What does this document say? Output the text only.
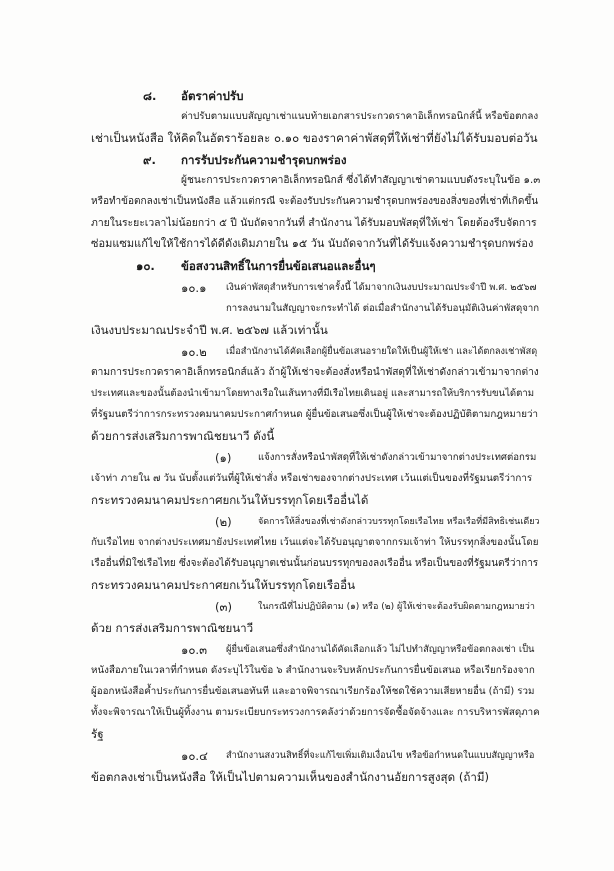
๘. อัตราค่าปรับ
ค่าปรับตามแบบสัญญาเช่าแนบท้ายเอกสารประกวดราคาอิเล็กทรอนิกส์นี้ หรือข้อตกลง
เช่าเป็นหนังสือ ให้คิดในอัตราร้อยละ ๐.๑๐ ของราคาค่าพัสดุที่ให้เช่าที่ยังไม่ได้รับมอบต่อวัน
๙. การรับประกันความชำรุดบกพร่อง
ผู้ชนะการประกวดราคาอิเล็กทรอนิกส์ ซึ่งได้ทำสัญญาเช่าตามแบบดังระบุในข้อ ๑.๓
หรือทำข้อตกลงเช่าเป็นหนังสือ แล้วแต่กรณี จะต้องรับประกันความชำรุดบกพร่องของสิ่งของที่เช่าที่เกิดขึ้น
ภายในระยะเวลาไม่น้อยกว่า ๕ ปี นับถัดจากวันที่ สำนักงาน ได้รับมอบพัสดุที่ให้เช่า โดยต้องรีบจัดการ
ซ่อมแซมแก้ไขให้ใช้การได้ดีดังเดิมภายใน ๑๕ วัน นับถัดจากวันที่ได้รับแจ้งความชำรุดบกพร่อง
๑๐. ข้อสงวนสิทธิ์ในการยื่นข้อเสนอและอื่นๆ
๑๐.๑ เงินค่าพัสดุสำหรับการเช่าครั้งนี้ ได้มาจากเงินงบประมาณประจำปี พ.ศ. ๒๕๖๗
การลงนามในสัญญาจะกระทำได้ ต่อเมื่อสำนักงานได้รับอนุมัติเงินค่าพัสดุจาก
เงินงบประมาณประจำปี พ.ศ. ๒๕๖๗ แล้วเท่านั้น
๑๐.๒ เมื่อสำนักงานได้คัดเลือกผู้ยื่นข้อเสนอรายใดให้เป็นผู้ให้เช่า และได้ตกลงเช่าพัสดุ
ตามการประกวดราคาอิเล็กทรอนิกส์แล้ว ถ้าผู้ให้เช่าจะต้องสั่งหรือนำพัสดุที่ให้เช่าดังกล่าวเข้ามาจากต่าง
ประเทศและของนั้นต้องนำเข้ามาโดยทางเรือในเส้นทางที่มีเรือไทยเดินอยู่ และสามารถให้บริการรับขนได้ตาม
ที่รัฐมนตรีว่าการกระทรวงคมนาคมประกาศกำหนด ผู้ยื่นข้อเสนอซึ่งเป็นผู้ให้เช่าจะต้องปฏิบัติตามกฎหมายว่า
ด้วยการส่งเสริมการพาณิชยนาวี ดังนี้
(๑)	แจ้งการสั่งหรือนำพัสดุที่ให้เช่าดังกล่าวเข้ามาจากต่างประเทศต่อกรม
เจ้าท่า ภายใน ๗ วัน นับตั้งแต่วันที่ผู้ให้เช่าสั่ง หรือเช่าของจากต่างประเทศ เว้นแต่เป็นของที่รัฐมนตรีว่าการ
กระทรวงคมนาคมประกาศยกเว้นให้บรรทุกโดยเรืออื่นได้
(๒)	จัดการให้สิ่งของที่เช่าดังกล่าวบรรทุกโดยเรือไทย หรือเรือที่มีสิทธิเช่นเดียว
กับเรือไทย จากต่างประเทศมายังประเทศไทย เว้นแต่จะได้รับอนุญาตจากกรมเจ้าท่า ให้บรรทุกสิ่งของนั้นโดย
เรืออื่นที่มิใช่เรือไทย ซึ่งจะต้องได้รับอนุญาตเช่นนั้นก่อนบรรทุกของลงเรืออื่น หรือเป็นของที่รัฐมนตรีว่าการ
กระทรวงคมนาคมประกาศยกเว้นให้บรรทุกโดยเรืออื่น
(๓)	ในกรณีที่ไม่ปฏิบัติตาม (๑) หรือ (๒) ผู้ให้เช่าจะต้องรับผิดตามกฎหมายว่า
ด้วย การส่งเสริมการพาณิชยนาวี
๑๐.๓ ผู้ยื่นข้อเสนอซึ่งสำนักงานได้คัดเลือกแล้ว ไม่ไปทำสัญญาหรือข้อตกลงเช่า เป็น
หนังสือภายในเวลาที่กำหนด ดังระบุไว้ในข้อ ๖ สำนักงานจะริบหลักประกันการยื่นข้อเสนอ หรือเรียกร้องจาก
ผู้ออกหนังสือค้ำประกันการยื่นข้อเสนอทันที และอาจพิจารณาเรียกร้องให้ชดใช้ความเสียหายอื่น (ถ้ามี) รวม
ทั้งจะพิจารณาให้เป็นผู้ทิ้งงาน ตามระเบียบกระทรวงการคลังว่าด้วยการจัดซื้อจัดจ้างและ การบริหารพัสดุภาค
รัฐ
๑๐.๔ สำนักงานสงวนสิทธิ์ที่จะแก้ไขเพิ่มเติมเงื่อนไข หรือข้อกำหนดในแบบสัญญาหรือ
ข้อตกลงเช่าเป็นหนังสือ ให้เป็นไปตามความเห็นของสำนักงานอัยการสูงสุด (ถ้ามี)
